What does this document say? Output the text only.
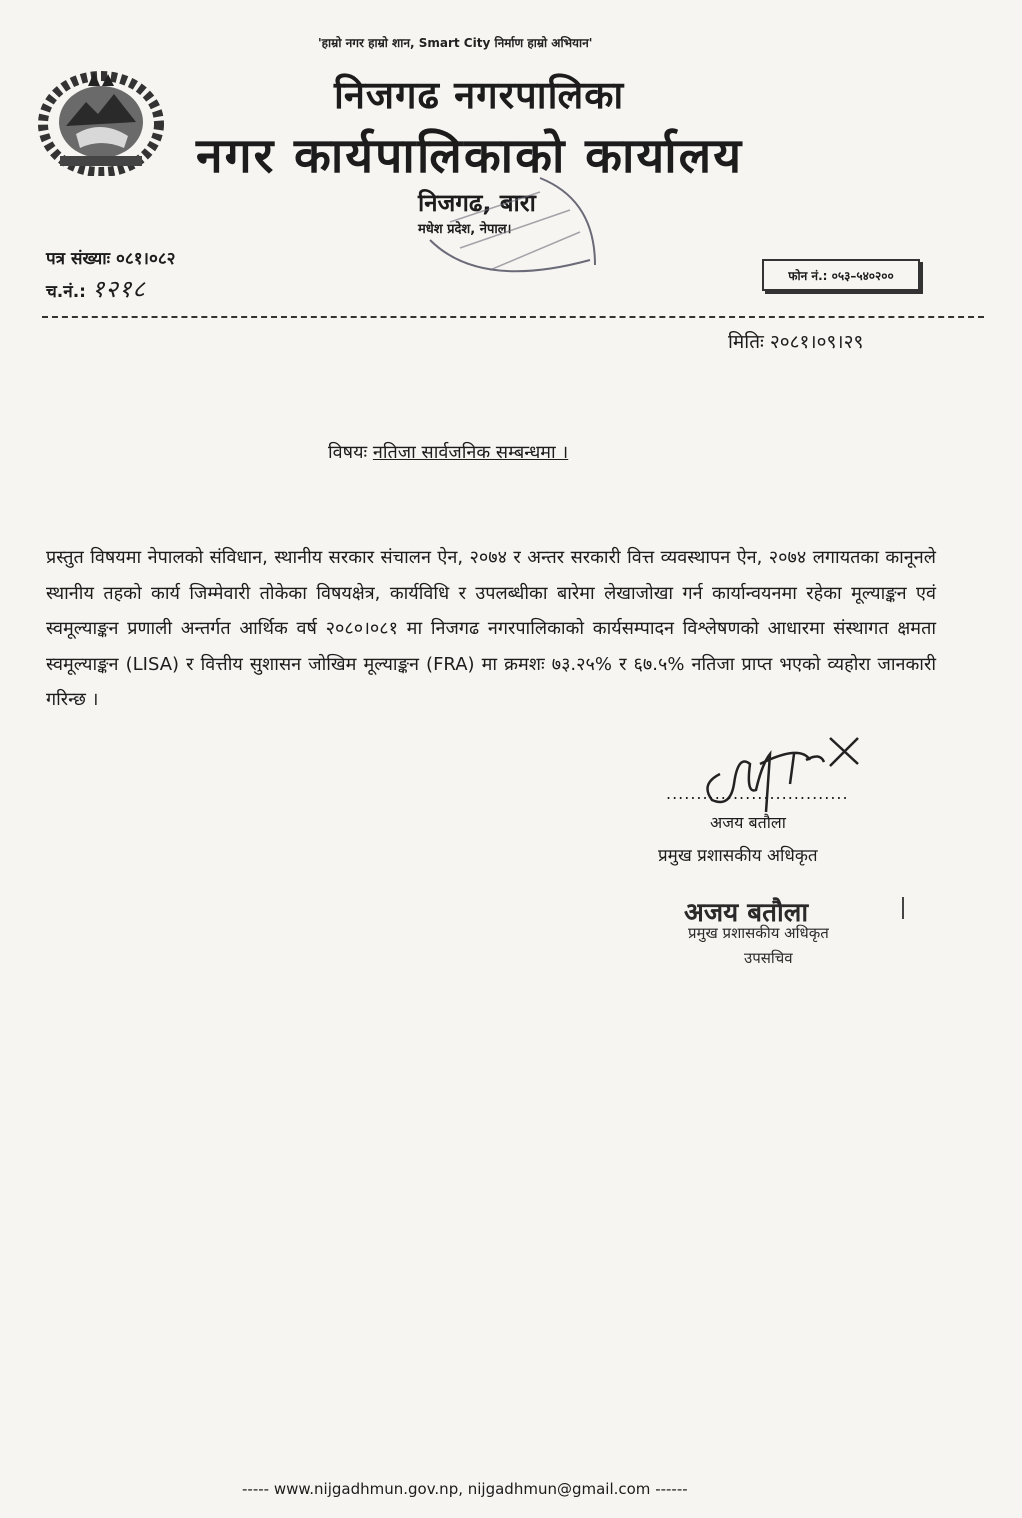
'हाम्रो नगर हाम्रो शान, Smart City निर्माण हाम्रो अभियान'
निजगढ नगरपालिका
नगर कार्यपालिकाको कार्यालय
निजगढ, बारा
मधेश प्रदेश, नेपाल।
पत्र संख्याः ०८१।०८२
च.नं.: १२१८	फोन नं.: ०५३–५४०२००
मितिः २०८१।०९।२९
विषयः नतिजा सार्वजनिक सम्बन्धमा ।
प्रस्तुत विषयमा नेपालको संविधान, स्थानीय सरकार संचालन ऐन, २०७४ र अन्तर सरकारी वित्त व्यवस्थापन ऐन, २०७४ लगायतका कानूनले स्थानीय तहको कार्य जिम्मेवारी तोकेका विषयक्षेत्र, कार्यविधि र उपलब्धीका बारेमा लेखाजोखा गर्न कार्यान्वयनमा रहेका मूल्याङ्कन एवं स्वमूल्याङ्कन प्रणाली अन्तर्गत आर्थिक वर्ष २०८०।०८१ मा निजगढ नगरपालिकाको कार्यसम्पादन विश्लेषणको आधारमा संस्थागत क्षमता स्वमूल्याङ्कन (LISA) र वित्तीय सुशासन जोखिम मूल्याङ्कन (FRA) मा क्रमशः ७३.२५% र ६७.५% नतिजा प्राप्त भएको व्यहोरा जानकारी गरिन्छ ।
..............................
अजय बतौला
प्रमुख प्रशासकीय अधिकृत
अजय बतौला
प्रमुख प्रशासकीय अधिकृत
उपसचिव
----- www.nijgadhmun.gov.np, nijgadhmun@gmail.com ------
